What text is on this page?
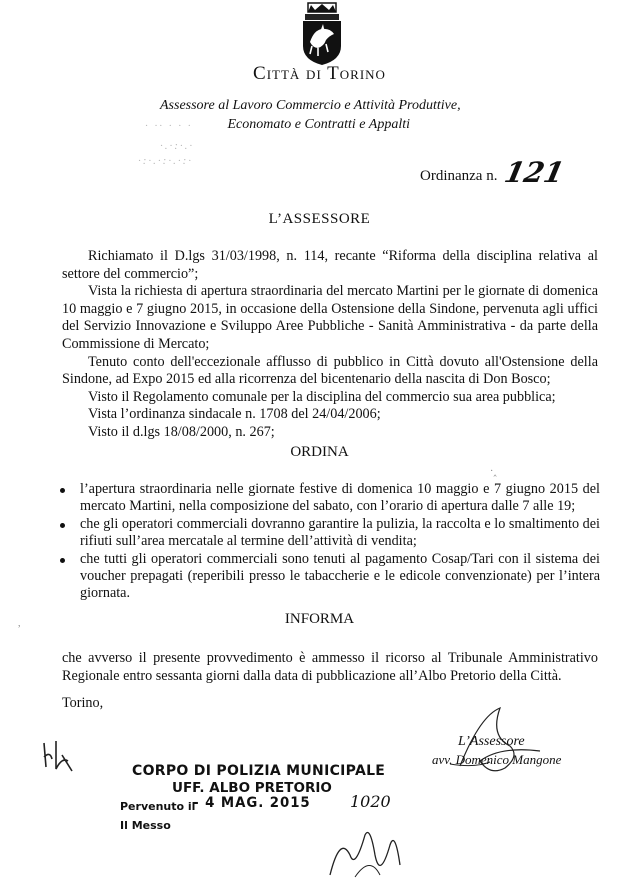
Città di Torino
Assessore al Lavoro Commercio e Attività Produttive,
Economato e Contratti e Appalti
Ordinanza n. 121
L’ASSESSORE

Richiamato il D.lgs 31/03/1998, n. 114, recante “Riforma della disciplina relativa al settore del commercio”;

Vista la richiesta di apertura straordinaria del mercato Martini per le giornate di domenica 10 maggio e 7 giugno 2015, in occasione della Ostensione della Sindone, pervenuta agli uffici del Servizio Innovazione e Sviluppo Aree Pubbliche - Sanità Amministrativa - da parte della Commissione di Mercato;

Tenuto conto dell'eccezionale afflusso di pubblico in Città dovuto all'Ostensione della Sindone, ad Expo 2015 ed alla ricorrenza del bicentenario della nascita di Don Bosco;

Visto il Regolamento comunale per la disciplina del commercio sua area pubblica;

Vista l’ordinanza sindacale n. 1708 del 24/04/2006;

Visto il d.lgs 18/08/2000, n. 267;

ORDINA
l’apertura straordinaria nelle giornate festive di domenica 10 maggio e 7 giugno 2015 del mercato Martini, nella composizione del sabato, con l’orario di apertura dalle 7 alle 19;
che gli operatori commerciali dovranno garantire la pulizia, la raccolta e lo smaltimento dei rifiuti sull’area mercatale al termine dell’attività di vendita;
che tutti gli operatori commerciali sono tenuti al pagamento Cosap/Tari con il sistema dei voucher prepagati (reperibili presso le tabaccherie e le edicole convenzionate) per l’intera giornata.
INFORMA
che avverso il presente provvedimento è ammesso il ricorso al Tribunale Amministrativo Regionale entro sessanta giorni dalla data di pubblicazione all’Albo Pretorio della Città.
Torino,
L’Assessore
avv. Domenico Mangone
CORPO DI POLIZIA MUNICIPALE
UFF. ALBO PRETORIO
Pervenuto il
- 4 MAG. 2015 1020
Il Messo
· ·· · · ·
·.·:·.·
·:·.·:·.·:·
·‸
,
